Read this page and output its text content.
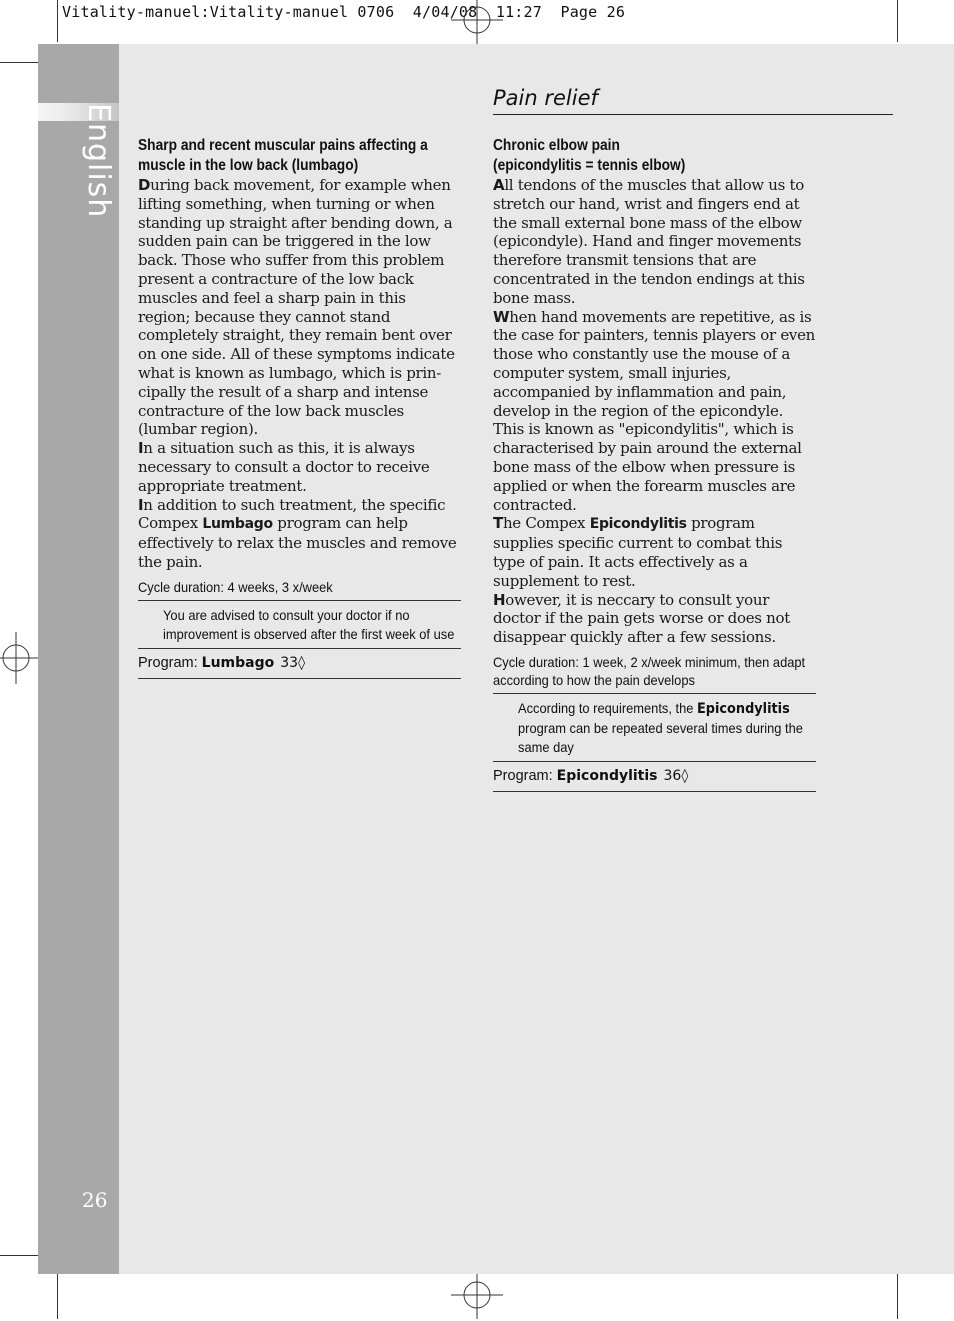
Vitality-manuel:Vitality-manuel 0706  4/04/08  11:27  Page 26
English
26
Pain relief
Sharp and recent muscular pains affecting a muscle in the low back (lumbago)

During back movement, for example when lifting something, when turning or when standing up straight after bending down, a sudden pain can be triggered in the low back. Those who suffer from this problem present a contracture of the low back muscles and feel a sharp pain in this region; because they cannot stand completely straight, they remain bent over on one side. All of these symptoms indicate what is known as lumbago, which is prin-cipally the result of a sharp and intense contracture of the low back muscles (lumbar region).

In a situation such as this, it is always necessary to consult a doctor to receive appropriate treatment.

In addition to such treatment, the specific Compex Lumbago program can help effectively to relax the muscles and remove the pain.

Cycle duration: 4 weeks, 3 x/week
You are advised to consult your doctor if no improvement is observed after the first week of use
Program: Lumbago 33◊
Chronic elbow pain
(epicondylitis = tennis elbow)

All tendons of the muscles that allow us to stretch our hand, wrist and fingers end at the small external bone mass of the elbow (epicondyle). Hand and finger movements therefore transmit tensions that are concentrated in the tendon endings at this bone mass.

When hand movements are repetitive, as is the case for painters, tennis players or even those who constantly use the mouse of a computer system, small injuries, accompanied by inflammation and pain, develop in the region of the epicondyle. This is known as "epicondylitis", which is characterised by pain around the external bone mass of the elbow when pressure is applied or when the forearm muscles are contracted.

The Compex Epicondylitis program supplies specific current to combat this type of pain. It acts effectively as a supplement to rest.

However, it is neccary to consult your doctor if the pain gets worse or does not disappear quickly after a few sessions.

Cycle duration: 1 week, 2 x/week minimum, then adapt according to how the pain develops
According to requirements, the Epicondylitis program can be repeated several times during the same day
Program: Epicondylitis 36◊
